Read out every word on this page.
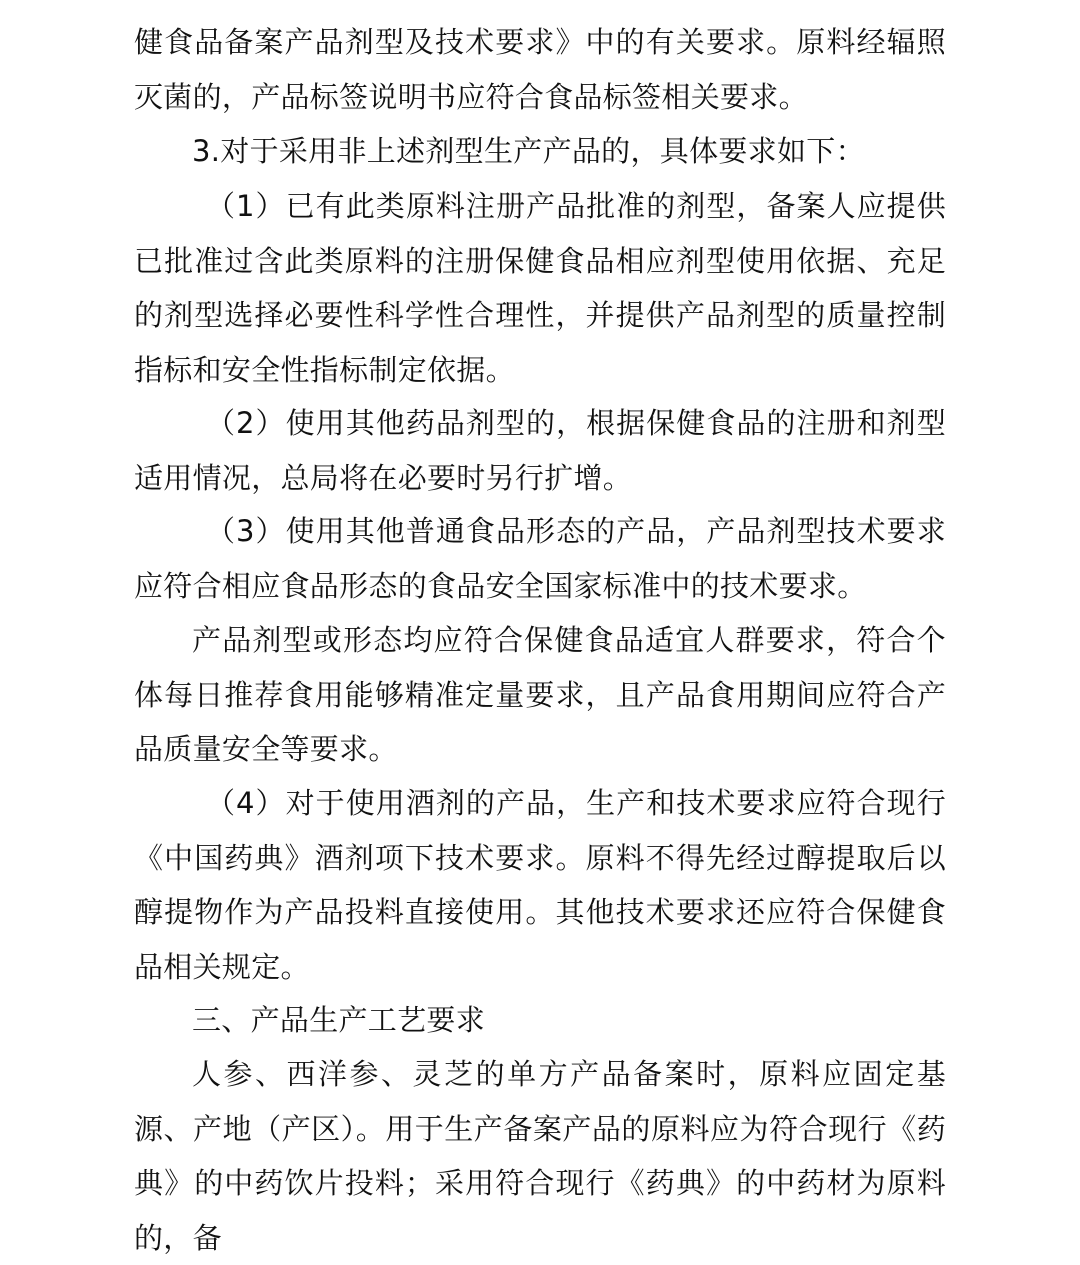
健食品备案产品剂型及技术要求》中的有关要求。原料经辐照灭菌的，产品标签说明书应符合食品标签相关要求。

3.对于采用非上述剂型生产产品的，具体要求如下：

（1）已有此类原料注册产品批准的剂型，备案人应提供已批准过含此类原料的注册保健食品相应剂型使用依据、充足的剂型选择必要性科学性合理性，并提供产品剂型的质量控制指标和安全性指标制定依据。

（2）使用其他药品剂型的，根据保健食品的注册和剂型适用情况，总局将在必要时另行扩增。

（3）使用其他普通食品形态的产品，产品剂型技术要求应符合相应食品形态的食品安全国家标准中的技术要求。

产品剂型或形态均应符合保健食品适宜人群要求，符合个体每日推荐食用能够精准定量要求，且产品食用期间应符合产品质量安全等要求。

（4）对于使用酒剂的产品，生产和技术要求应符合现行《中国药典》酒剂项下技术要求。原料不得先经过醇提取后以醇提物作为产品投料直接使用。其他技术要求还应符合保健食品相关规定。

三、产品生产工艺要求

人参、西洋参、灵芝的单方产品备案时，原料应固定基源、产地（产区）。用于生产备案产品的原料应为符合现行《药典》的中药饮片投料；采用符合现行《药典》的中药材为原料的，备
